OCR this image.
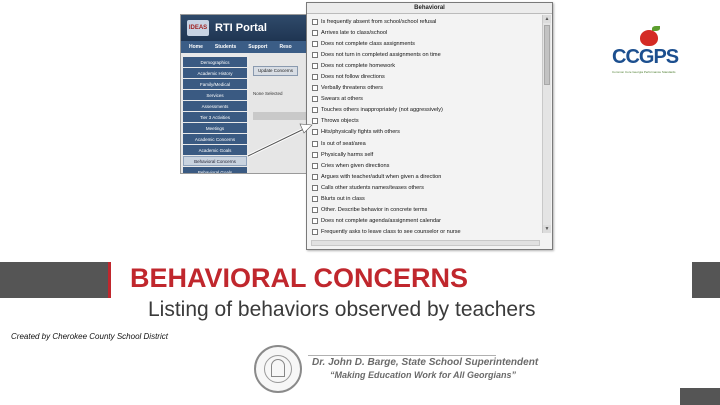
IDEAS RTI Portal
Home Students Support Reso
Demographics
Academic History
Family/Medical
Services
Assessments
Tier 3 Activities
Meetings
Academic Concerns
Academic Goals
Behavioral Concerns
Behavioral Goals
Update Concerns
None Selected
Behavioral
Is frequently absent from school/school refusal
Arrives late to class/school
Does not complete class assignments
Does not turn in completed assignments on time
Does not complete homework
Does not follow directions
Verbally threatens others
Swears at others
Touches others inappropriately (not aggressively)
Throws objects
Hits/physically fights with others
Is out of seat/area
Physically harms self
Cries when given directions
Argues with teacher/adult when given a direction
Calls other students names/teases others
Blurts out in class
Other. Describe behavior in concrete terms
Does not complete agenda/assignment calendar
Frequently asks to leave class to see counselor or nurse
▲
▼
CCGPS
Common Core Georgia Performance Standards
BEHAVIORAL CONCERNS
Listing of behaviors observed by teachers
Created by Cherokee County School District
Dr. John D. Barge, State School Superintendent
“Making Education Work for All Georgians”
